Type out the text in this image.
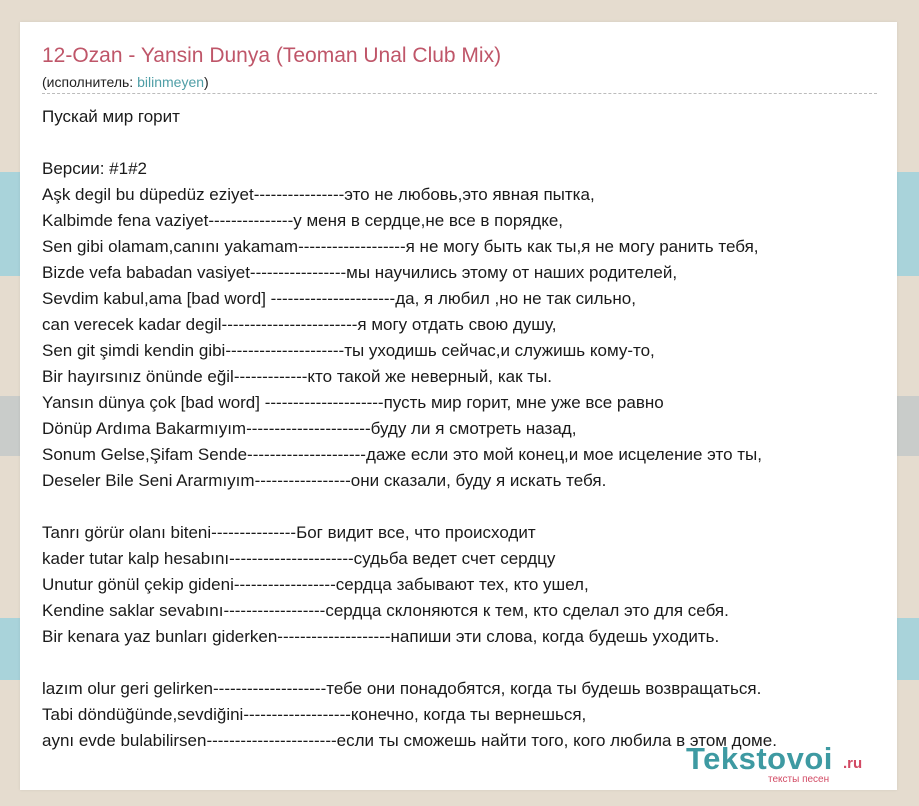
12-Ozan - Yansin Dunya (Teoman Unal Club Mix)
(исполнитель: bilinmeyen)
Пускай мир горит
Версии: #1#2
Aşk degil bu düpedüz eziyet----------------это не любовь,это явная пытка,
Kalbimde fena vaziyet---------------у меня в сердце,не все в порядке,
Sen gibi olamam,canını yakamam-------------------я не могу быть как ты,я не могу ранить тебя,
Bizde vefa babadan vasiyet-----------------мы научились этому от наших родителей,
Sevdim kabul,ama [bad word] ----------------------да, я любил ,но не так сильно,
can verecek kadar degil------------------------я могу отдать свою душу,
Sen git şimdi kendin gibi---------------------ты уходишь сейчас,и служишь кому-то,
Bir hayırsınız önünde eğil-------------кто такой же неверный, как ты.
Yansın dünya çok [bad word] ---------------------пусть мир горит, мне уже все равно
Dönüp Ardıma Bakarmıyım----------------------буду ли я смотреть назад,
Sonum Gelse,Şifam Sende---------------------даже если это мой конец,и мое исцеление это ты,
Deseler Bile Seni Ararmıyım-----------------они сказали, буду я искать тебя.
Tanrı görür olanı biteni---------------Бог видит все, что происходит
kader tutar kalp hesabını----------------------судьба ведет счет сердцу
Unutur gönül çekip gideni------------------сердца забывают тех, кто ушел,
Kendine saklar sevabını------------------сердца склоняются к тем, кто сделал это для себя.
Bir kenara yaz bunları giderken--------------------напиши эти слова, когда будешь уходить.
lazım olur geri gelirken--------------------тебе они понадобятся, когда ты будешь возвращаться.
Tabi döndüğünde,sevdiğini-------------------конечно, когда ты вернешься,
aynı evde bulabilirsen-----------------------если ты сможешь найти того, кого любила в этом доме.
Tekstovoi .ru
тексты песен
